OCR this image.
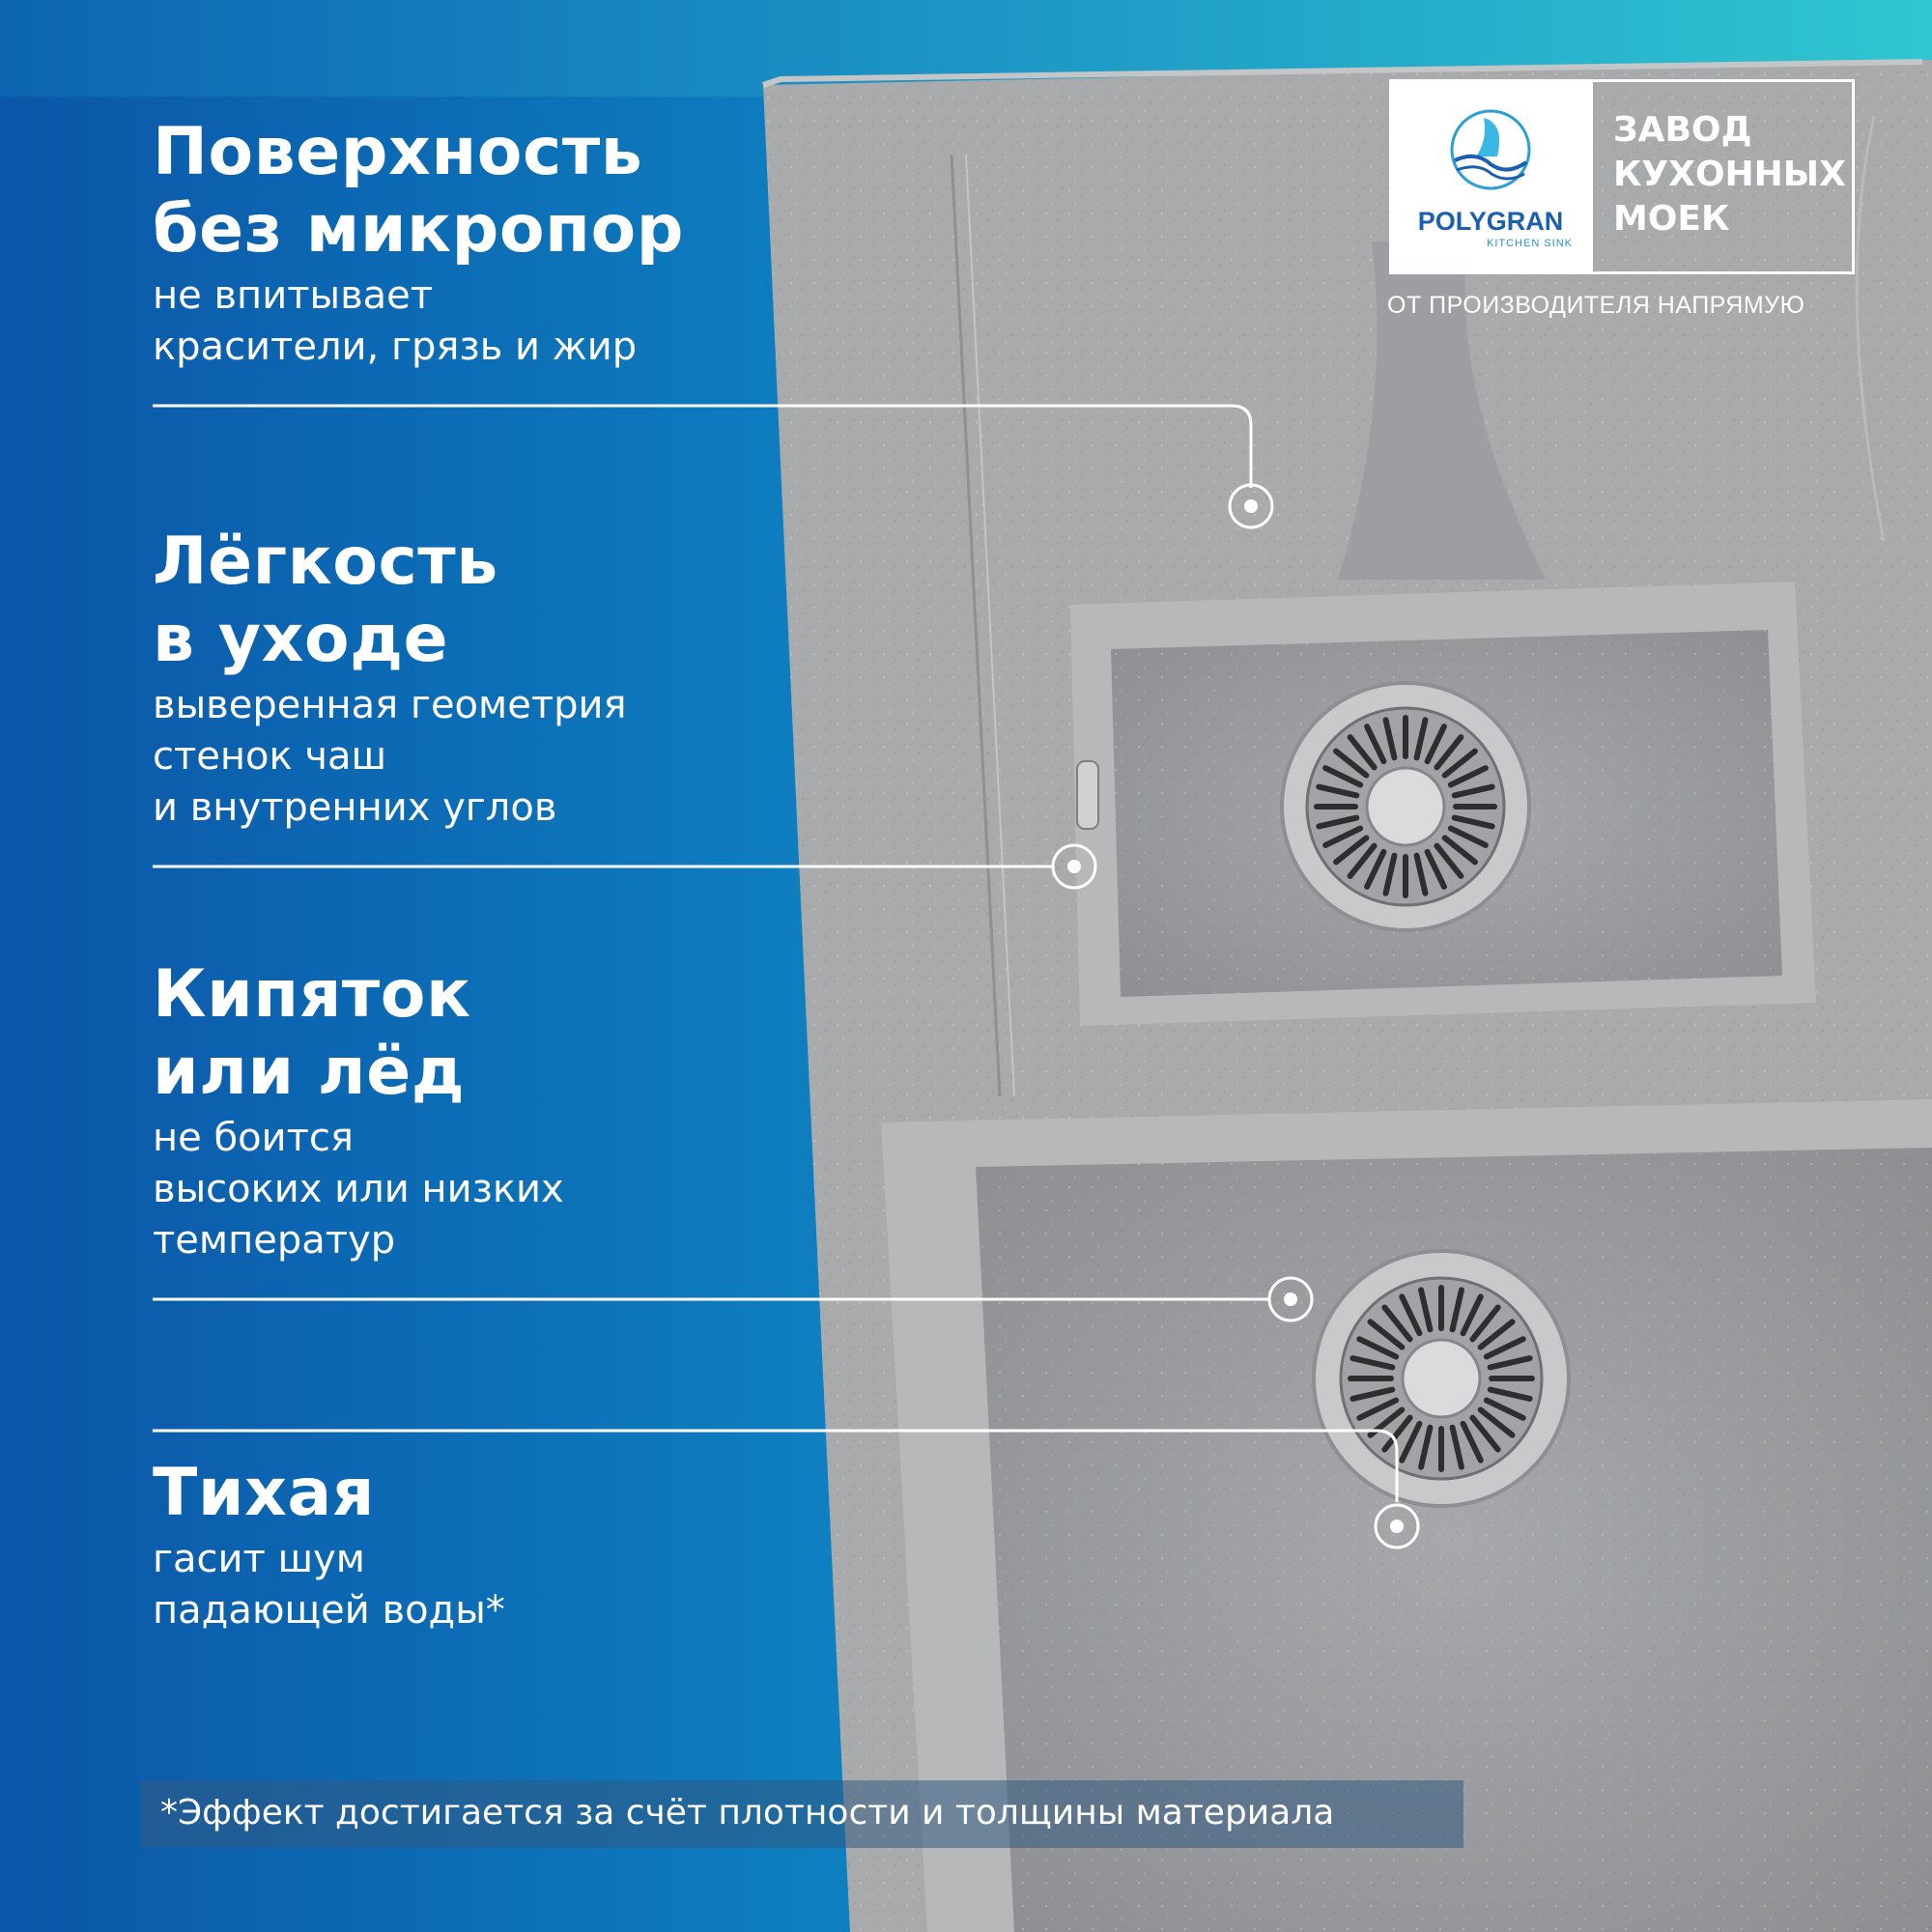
Поверхность
без микропор
не впитывает
красители, грязь и жир
Лёгкость
в уходе
выверенная геометрия
стенок чаш
и внутренних углов
Кипяток
или лёд
не боится
высоких или низких
температур
Тихая
гасит шум
падающей воды*
POLYGRAN
KITCHEN SINK
ЗАВОД
КУХОННЫХ
МОЕК
ОТ ПРОИЗВОДИТЕЛЯ НАПРЯМУЮ
*Эффект достигается за счёт плотности и толщины материала
